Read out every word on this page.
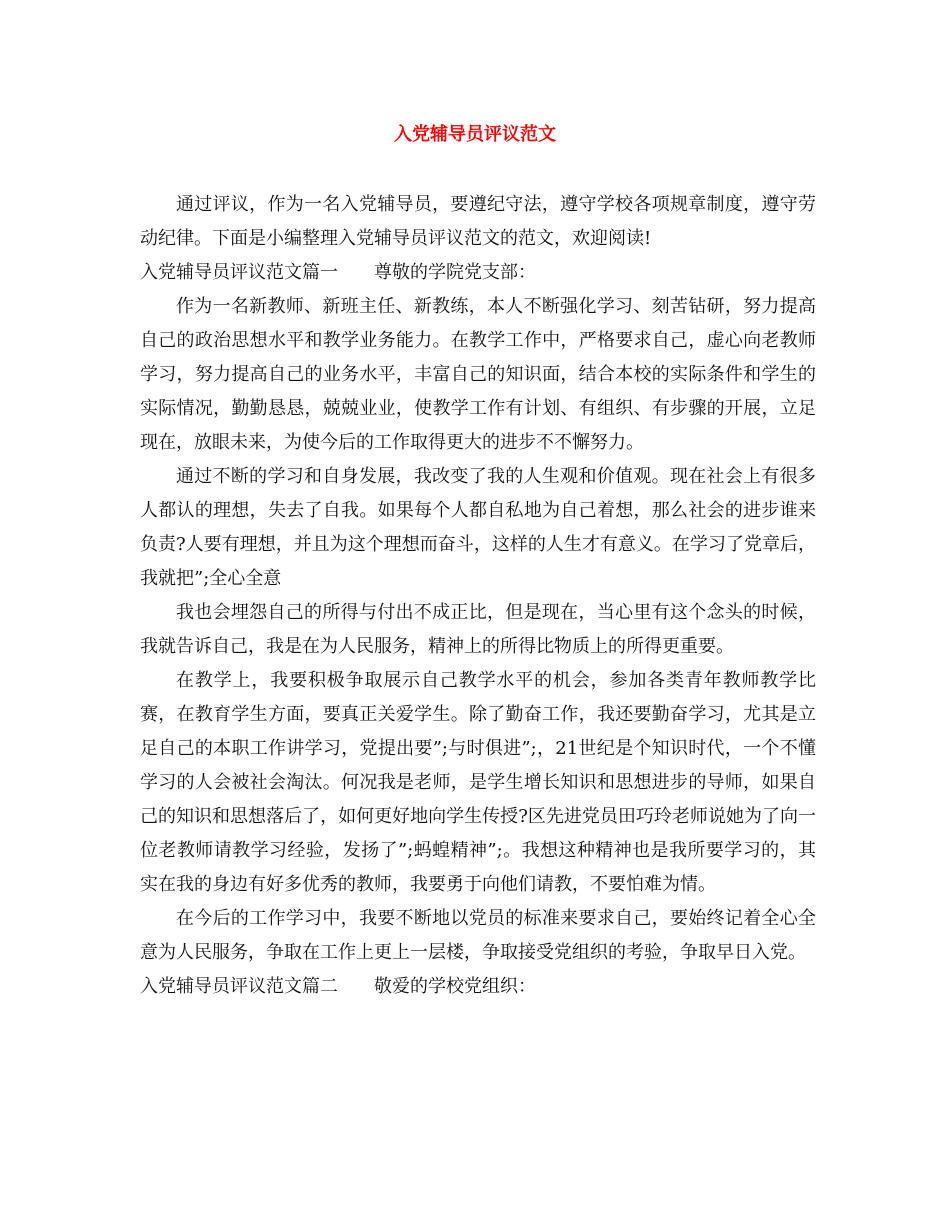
入党辅导员评议范文

通过评议，作为一名入党辅导员，要遵纪守法，遵守学校各项规章制度，遵守劳动纪律。下面是小编整理入党辅导员评议范文的范文，欢迎阅读!

入党辅导员评议范文篇一　　尊敬的学院党支部：

作为一名新教师、新班主任、新教练，本人不断强化学习、刻苦钻研，努力提高自己的政治思想水平和教学业务能力。在教学工作中，严格要求自己，虚心向老教师学习，努力提高自己的业务水平，丰富自己的知识面，结合本校的实际条件和学生的实际情况，勤勤恳恳，兢兢业业，使教学工作有计划、有组织、有步骤的开展，立足现在，放眼未来，为使今后的工作取得更大的进步不不懈努力。

通过不断的学习和自身发展，我改变了我的人生观和价值观。现在社会上有很多人都认的理想，失去了自我。如果每个人都自私地为自己着想，那么社会的进步谁来负责?人要有理想，并且为这个理想而奋斗，这样的人生才有意义。在学习了党章后，我就把”;全心全意

我也会埋怨自己的所得与付出不成正比，但是现在，当心里有这个念头的时候，我就告诉自己，我是在为人民服务，精神上的所得比物质上的所得更重要。

在教学上，我要积极争取展示自己教学水平的机会，参加各类青年教师教学比赛，在教育学生方面，要真正关爱学生。除了勤奋工作，我还要勤奋学习，尤其是立足自己的本职工作讲学习，党提出要”;与时俱进”;，21世纪是个知识时代，一个不懂学习的人会被社会淘汰。何况我是老师，是学生增长知识和思想进步的导师，如果自己的知识和思想落后了，如何更好地向学生传授?区先进党员田巧玲老师说她为了向一位老教师请教学习经验，发扬了”;蚂蝗精神”;。我想这种精神也是我所要学习的，其实在我的身边有好多优秀的教师，我要勇于向他们请教，不要怕难为情。

在今后的工作学习中，我要不断地以党员的标准来要求自己，要始终记着全心全意为人民服务，争取在工作上更上一层楼，争取接受党组织的考验，争取早日入党。

入党辅导员评议范文篇二　　敬爱的学校党组织：
